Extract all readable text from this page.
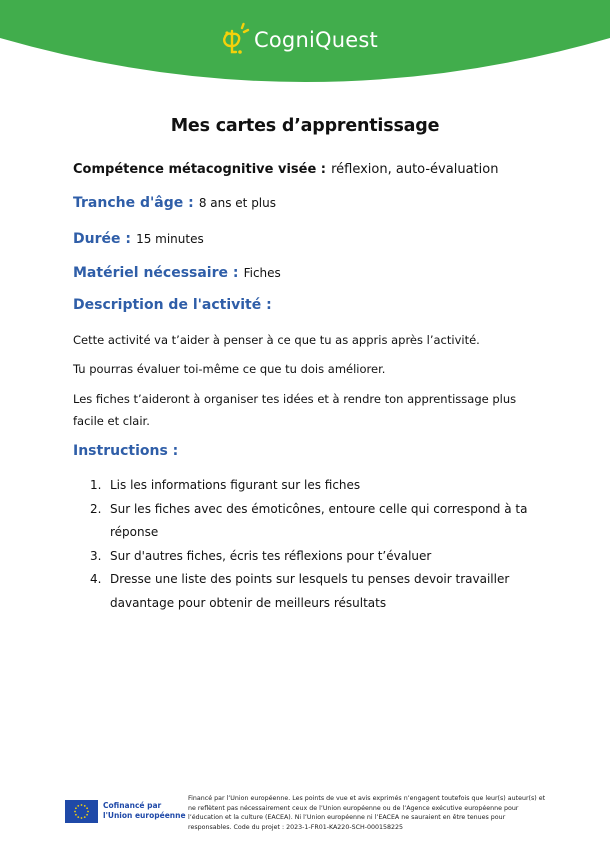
CogniQuest
Mes cartes d’apprentissage
Compétence métacognitive visée : réflexion, auto-évaluation
Tranche d'âge : 8 ans et plus
Durée : 15 minutes
Matériel nécessaire : Fiches
Description de l'activité :
Cette activité va t’aider à penser à ce que tu as appris après l’activité.
Tu pourras évaluer toi-même ce que tu dois améliorer.
Les fiches t’aideront à organiser tes idées et à rendre ton apprentissage plus facile et clair.
Instructions :
1. Lis les informations figurant sur les fiches
2. Sur les fiches avec des émoticônes, entoure celle qui correspond à ta réponse
3. Sur d'autres fiches, écris tes réflexions pour t’évaluer
4. Dresse une liste des points sur lesquels tu penses devoir travailler davantage pour obtenir de meilleurs résultats
Cofinancé par
l'Union européenne
Financé par l’Union européenne. Les points de vue et avis exprimés n’engagent toutefois que leur(s) auteur(s) et ne reflètent pas nécessairement ceux de l’Union européenne ou de l’Agence exécutive européenne pour l’éducation et la culture (EACEA). Ni l’Union européenne ni l’EACEA ne sauraient en être tenues pour responsables. Code du projet : 2023-1-FR01-KA220-SCH-000158225
